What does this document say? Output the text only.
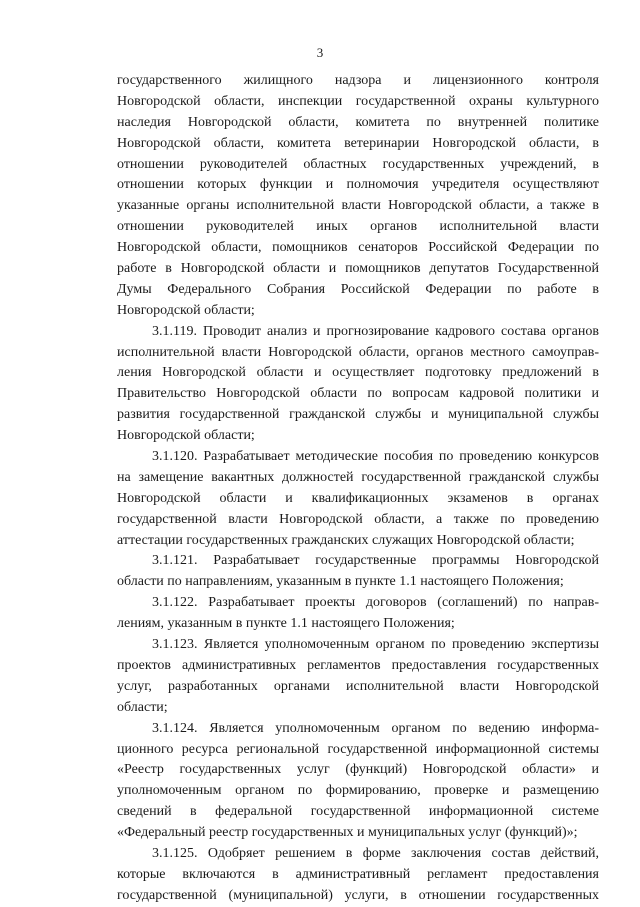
3
государственного жилищного надзора и лицензионного контроля
Новгородской области, инспекции государственной охраны культурного
наследия Новгородской области, комитета по внутренней политике
Новгородской области, комитета ветеринарии Новгородской области, в
отношении руководителей областных государственных учреждений, в
отношении которых функции и полномочия учредителя осуществляют
указанные органы исполнительной власти Новгородской области, а также в
отношении руководителей иных органов исполнительной власти
Новгородской области, помощников сенаторов Российской Федерации по
работе в Новгородской области и помощников депутатов Государственной
Думы Федерального Собрания Российской Федерации по работе в
Новгородской области;
3.1.119. Проводит анализ и прогнозирование кадрового состава органов
исполнительной власти Новгородской области, органов местного самоуправ-
ления Новгородской области и осуществляет подготовку предложений в
Правительство Новгородской области по вопросам кадровой политики и
развития государственной гражданской службы и муниципальной службы
Новгородской области;
3.1.120. Разрабатывает методические пособия по проведению конкурсов
на замещение вакантных должностей государственной гражданской службы
Новгородской области и квалификационных экзаменов в органах
государственной власти Новгородской области, а также по проведению
аттестации государственных гражданских служащих Новгородской области;
3.1.121. Разрабатывает государственные программы Новгородской
области по направлениям, указанным в пункте 1.1 настоящего Положения;
3.1.122. Разрабатывает проекты договоров (соглашений) по направ-
лениям, указанным в пункте 1.1 настоящего Положения;
3.1.123. Является уполномоченным органом по проведению экспертизы
проектов административных регламентов предоставления государственных
услуг, разработанных органами исполнительной власти Новгородской
области;
3.1.124. Является уполномоченным органом по ведению информа-
ционного ресурса региональной государственной информационной системы
«Реестр государственных услуг (функций) Новгородской области» и
уполномоченным органом по формированию, проверке и размещению
сведений в федеральной государственной информационной системе
«Федеральный реестр государственных и муниципальных услуг (функций)»;
3.1.125. Одобряет решением в форме заключения состав действий,
которые включаются в административный регламент предоставления
государственной (муниципальной) услуги, в отношении государственных
